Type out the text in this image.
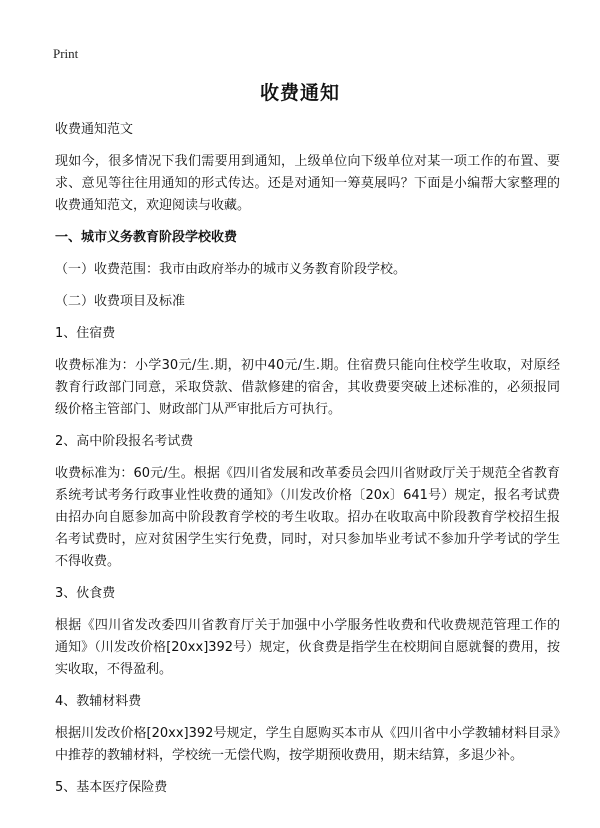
Print
收费通知

收费通知范文

现如今，很多情况下我们需要用到通知，上级单位向下级单位对某一项工作的布置、要求、意见等往往用通知的形式传达。还是对通知一筹莫展吗？下面是小编帮大家整理的收费通知范文，欢迎阅读与收藏。

一、城市义务教育阶段学校收费

（一）收费范围：我市由政府举办的城市义务教育阶段学校。

（二）收费项目及标准

1、住宿费

收费标准为：小学30元/生.期，初中40元/生.期。住宿费只能向住校学生收取，对原经教育行政部门同意，采取贷款、借款修建的宿舍，其收费要突破上述标准的，必须报同级价格主管部门、财政部门从严审批后方可执行。

2、高中阶段报名考试费

收费标准为：60元/生。根据《四川省发展和改革委员会四川省财政厅关于规范全省教育系统考试考务行政事业性收费的通知》（川发改价格〔20x〕641号）规定，报名考试费由招办向自愿参加高中阶段教育学校的考生收取。招办在收取高中阶段教育学校招生报名考试费时，应对贫困学生实行免费，同时，对只参加毕业考试不参加升学考试的学生不得收费。

3、伙食费

根据《四川省发改委四川省教育厅关于加强中小学服务性收费和代收费规范管理工作的通知》（川发改价格[20xx]392号）规定，伙食费是指学生在校期间自愿就餐的费用，按实收取，不得盈利。

4、教辅材料费

根据川发改价格[20xx]392号规定，学生自愿购买本市从《四川省中小学教辅材料目录》中推荐的教辅材料，学校统一无偿代购，按学期预收费用，期末结算，多退少补。

5、基本医疗保险费
